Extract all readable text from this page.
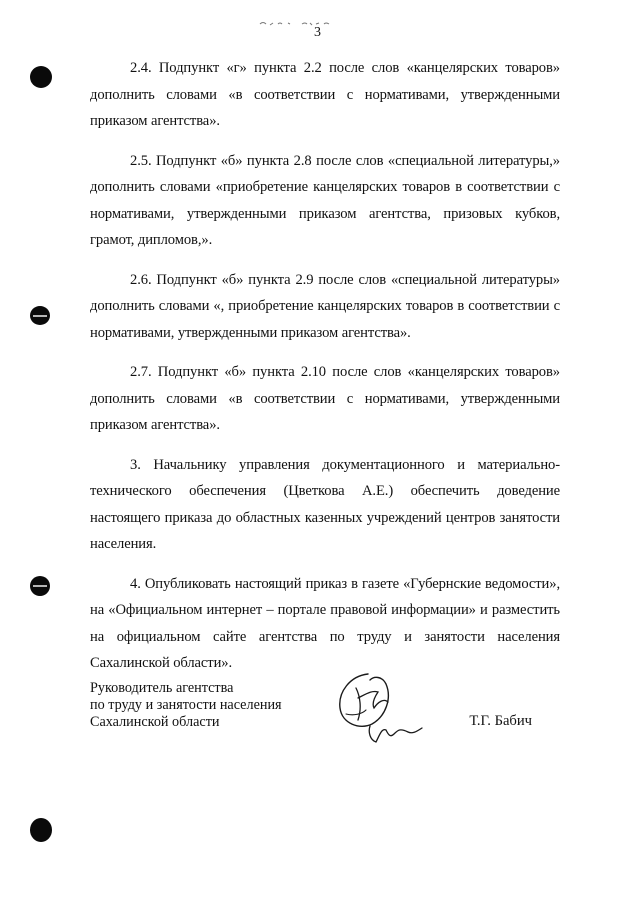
3

2.4. Подпункт «г» пункта 2.2 после слов «канцелярских товаров» дополнить словами «в соответствии с нормативами, утвержденными приказом агентства».

2.5. Подпункт «б» пункта 2.8 после слов «специальной литературы,» дополнить словами «приобретение канцелярских товаров в соответствии с нормативами, утвержденными приказом агентства, призовых кубков, грамот, дипломов,».

2.6. Подпункт «б» пункта 2.9 после слов «специальной литературы» дополнить словами «, приобретение канцелярских товаров в соответствии с нормативами, утвержденными приказом агентства».

2.7. Подпункт «б» пункта 2.10 после слов «канцелярских товаров» дополнить словами «в соответствии с нормативами, утвержденными приказом агентства».

3. Начальнику управления документационного и материально-технического обеспечения (Цветкова А.Е.) обеспечить доведение настоящего приказа до областных казенных учреждений центров занятости населения.

4. Опубликовать настоящий приказ в газете «Губернские ведомости», на «Официальном интернет – портале правовой информации» и разместить на официальном сайте агентства по труду и занятости населения Сахалинской области».

Руководитель агентства
по труду и занятости населения
Сахалинской области	Т.Г. Бабич
